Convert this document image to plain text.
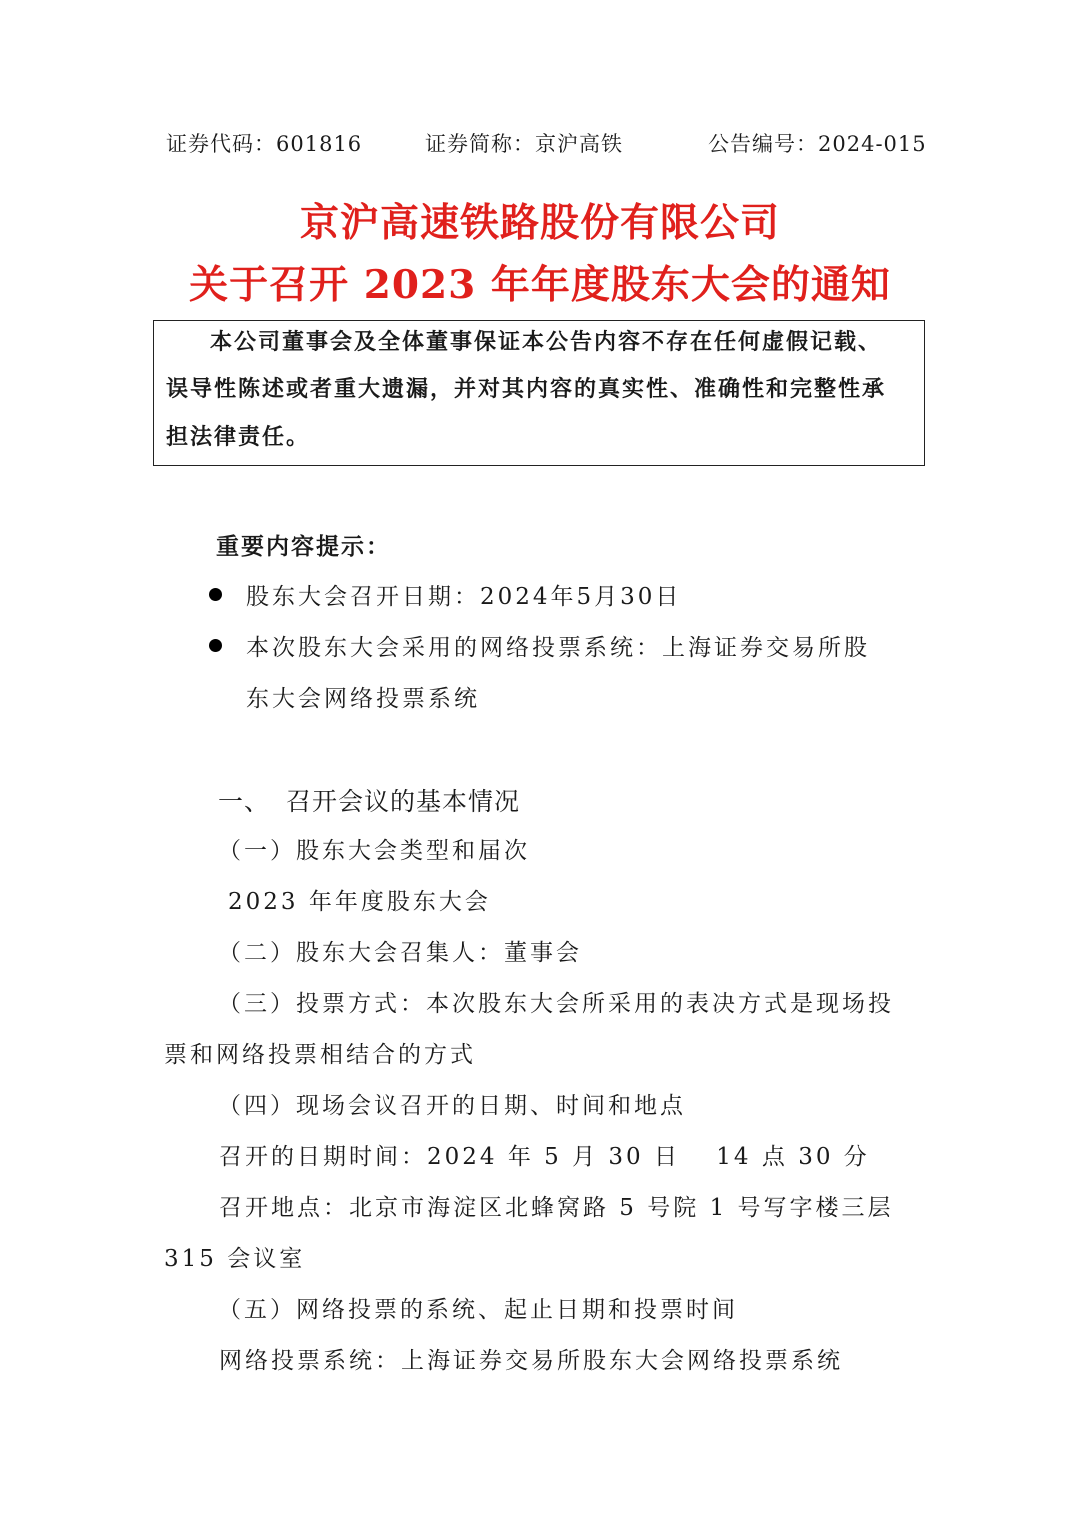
证券代码：601816	证券简称：京沪高铁	公告编号：2024-015
京沪高速铁路股份有限公司
关于召开 2023 年年度股东大会的通知
本公司董事会及全体董事保证本公告内容不存在任何虚假记载、
误导性陈述或者重大遗漏，并对其内容的真实性、准确性和完整性承
担法律责任。
重要内容提示：
股东大会召开日期：2024年5月30日
本次股东大会采用的网络投票系统：上海证券交易所股
东大会网络投票系统
一、 召开会议的基本情况
（一）股东大会类型和届次
2023 年年度股东大会
（二）股东大会召集人：董事会
（三）投票方式：本次股东大会所采用的表决方式是现场投
票和网络投票相结合的方式
（四）现场会议召开的日期、时间和地点
召开的日期时间：2024 年 5 月 30 日　 14 点 30 分
召开地点：北京市海淀区北蜂窝路 5 号院 1 号写字楼三层
315 会议室
（五）网络投票的系统、起止日期和投票时间
网络投票系统：上海证券交易所股东大会网络投票系统
